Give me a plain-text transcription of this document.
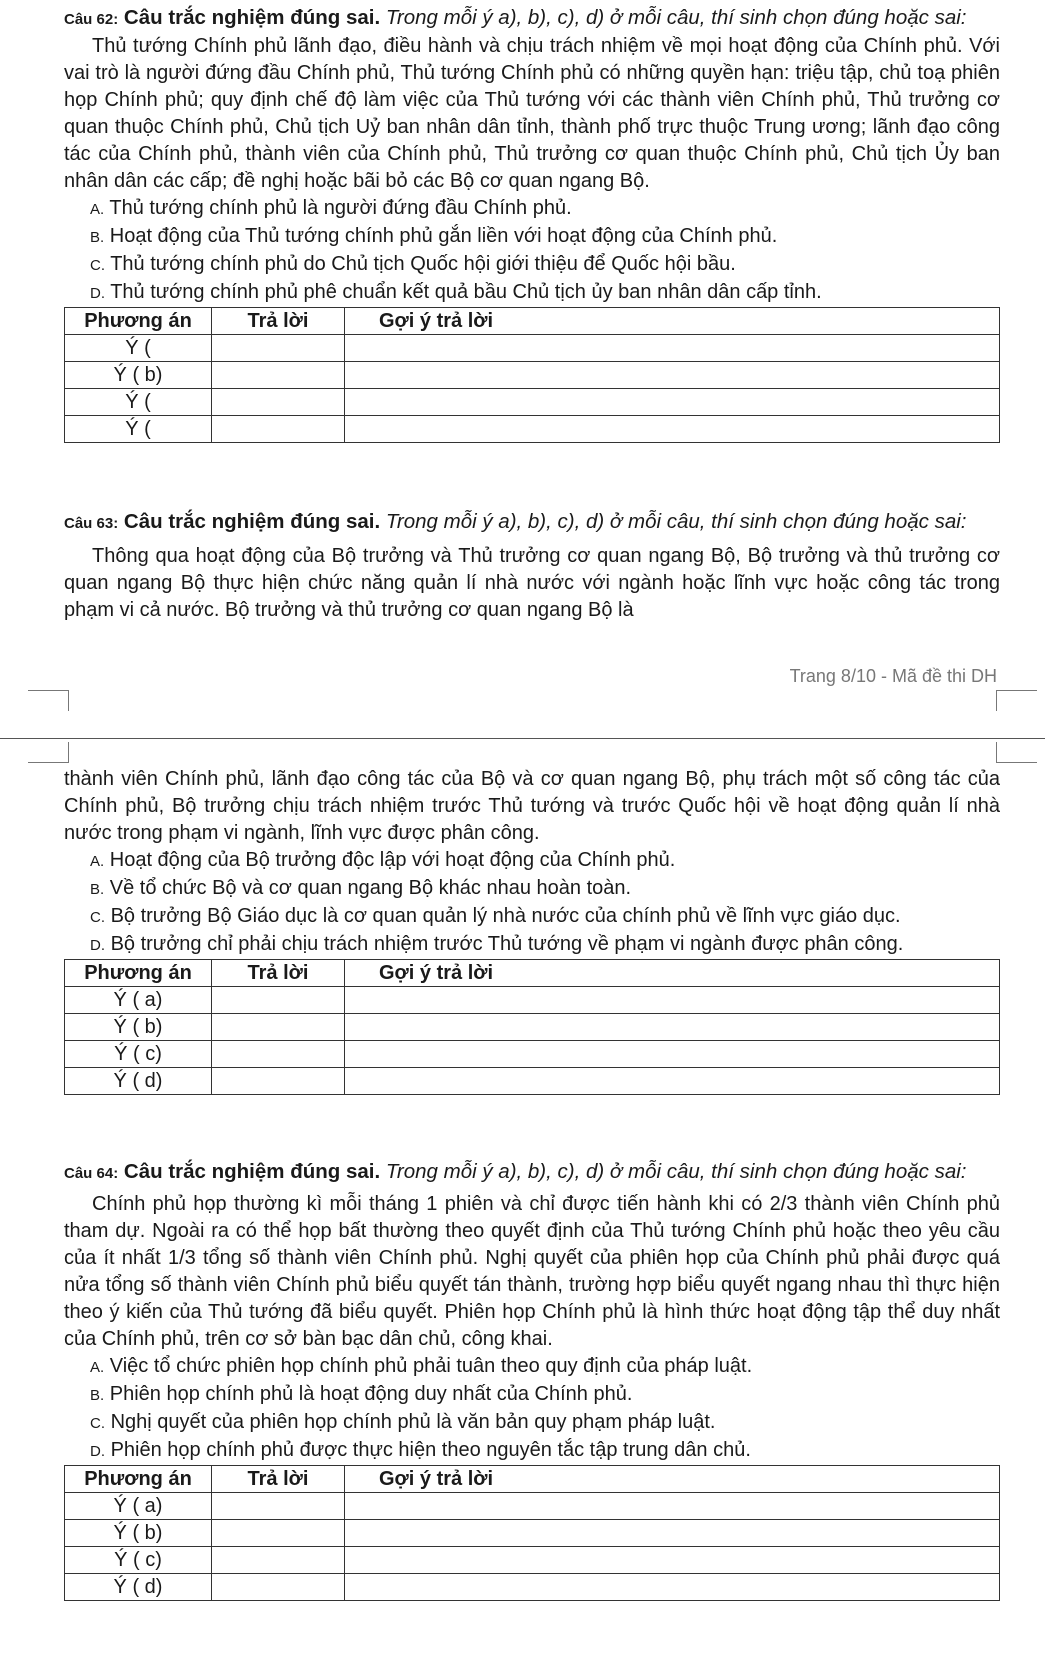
Câu 62: Câu trắc nghiệm đúng sai. Trong mỗi ý a), b), c), d) ở mỗi câu, thí sinh chọn đúng hoặc sai:

Thủ tướng Chính phủ lãnh đạo, điều hành và chịu trách nhiệm về mọi hoạt động của Chính phủ. Với vai trò là người đứng đầu Chính phủ, Thủ tướng Chính phủ có những quyền hạn: triệu tập, chủ toạ phiên họp Chính phủ; quy định chế độ làm việc của Thủ tướng với các thành viên Chính phủ, Thủ trưởng cơ quan thuộc Chính phủ, Chủ tịch Uỷ ban nhân dân tỉnh, thành phố trực thuộc Trung ương; lãnh đạo công tác của Chính phủ, thành viên của Chính phủ, Thủ trưởng cơ quan thuộc Chính phủ, Chủ tịch Ủy ban nhân dân các cấp; đề nghị hoặc bãi bỏ các Bộ cơ quan ngang Bộ.

A. Thủ tướng chính phủ là người đứng đầu Chính phủ.

B. Hoạt động của Thủ tướng chính phủ gắn liền với hoạt động của Chính phủ.

C. Thủ tướng chính phủ do Chủ tịch Quốc hội giới thiệu để Quốc hội bầu.

D. Thủ tướng chính phủ phê chuẩn kết quả bầu Chủ tịch ủy ban nhân dân cấp tỉnh.

Phương án	Trả lời	Gợi ý trả lời
Ý (		
Ý ( b)		
Ý (		
Ý (		

Câu 63: Câu trắc nghiệm đúng sai. Trong mỗi ý a), b), c), d) ở mỗi câu, thí sinh chọn đúng hoặc sai:

Thông qua hoạt động của Bộ trưởng và Thủ trưởng cơ quan ngang Bộ, Bộ trưởng và thủ trưởng cơ quan ngang Bộ thực hiện chức năng quản lí nhà nước với ngành hoặc lĩnh vực hoặc công tác trong phạm vi cả nước. Bộ trưởng và thủ trưởng cơ quan ngang Bộ là

Trang 8/10 - Mã đề thi DH

thành viên Chính phủ, lãnh đạo công tác của Bộ và cơ quan ngang Bộ, phụ trách một số công tác của Chính phủ, Bộ trưởng chịu trách nhiệm trước Thủ tướng và trước Quốc hội về hoạt động quản lí nhà nước trong phạm vi ngành, lĩnh vực được phân công.

A. Hoạt động của Bộ trưởng độc lập với hoạt động của Chính phủ.

B. Về tổ chức Bộ và cơ quan ngang Bộ khác nhau hoàn toàn.

C. Bộ trưởng Bộ Giáo dục là cơ quan quản lý nhà nước của chính phủ về lĩnh vực giáo dục.

D. Bộ trưởng chỉ phải chịu trách nhiệm trước Thủ tướng về phạm vi ngành được phân công.

Phương án	Trả lời	Gợi ý trả lời
Ý ( a)		
Ý ( b)		
Ý ( c)		
Ý ( d)		

Câu 64: Câu trắc nghiệm đúng sai. Trong mỗi ý a), b), c), d) ở mỗi câu, thí sinh chọn đúng hoặc sai:

Chính phủ họp thường kì mỗi tháng 1 phiên và chỉ được tiến hành khi có 2/3 thành viên Chính phủ tham dự. Ngoài ra có thể họp bất thường theo quyết định của Thủ tướng Chính phủ hoặc theo yêu cầu của ít nhất 1/3 tổng số thành viên Chính phủ. Nghị quyết của phiên họp của Chính phủ phải được quá nửa tổng số thành viên Chính phủ biểu quyết tán thành, trường hợp biểu quyết ngang nhau thì thực hiện theo ý kiến của Thủ tướng đã biểu quyết. Phiên họp Chính phủ là hình thức hoạt động tập thể duy nhất của Chính phủ, trên cơ sở bàn bạc dân chủ, công khai.

A. Việc tổ chức phiên họp chính phủ phải tuân theo quy định của pháp luật.

B. Phiên họp chính phủ là hoạt động duy nhất của Chính phủ.

C. Nghị quyết của phiên họp chính phủ là văn bản quy phạm pháp luật.

D. Phiên họp chính phủ được thực hiện theo nguyên tắc tập trung dân chủ.

Phương án	Trả lời	Gợi ý trả lời
Ý ( a)		
Ý ( b)		
Ý ( c)		
Ý ( d)		
